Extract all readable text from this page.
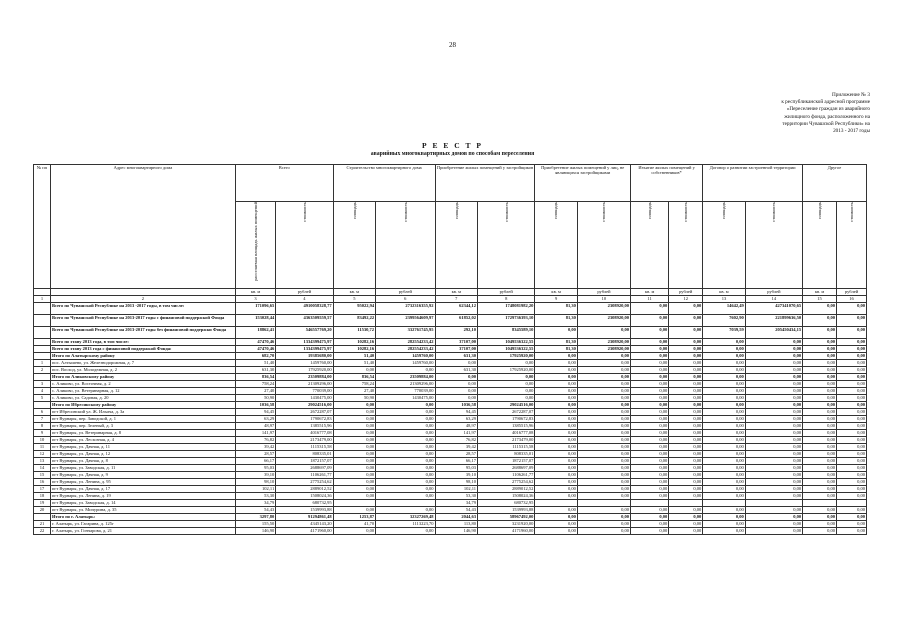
28
Приложение № 3
к республиканской адресной программе
«Переселение граждан из аварийного
жилищного фонда, расположенного на
территории Чувашской Республики» на
2013 - 2017 годы
Р Е Е С Т Р
аварийных многоквартирных домов по способам переселения
№ пп	Адрес многоквартирного дома	Всего		Строительство многоквартирного дома		Приобретение жилых помещений у застройщиков		Приобретение жилых помещений у лиц, не являющихся застройщиками		Изъятие жилых помещений у собственников*		Договор о развитии застроенной территории		Другое	
		расселяемая площадь жилых помещений	стоимость	площадь	стоимость	площадь	стоимость	площадь	стоимость	площадь	стоимость	площадь	стоимость	площадь	стоимость
		кв. м	рублей	кв. м	рублей	кв. м	рублей	кв. м	рублей	кв. м	рублей	кв. м	рублей	кв. м	рублей
1	2	3	4	5	6	7	8	9	10	11	12	13	14	15	16
	Всего по Чувашской Республике на 2013 -2017 годы, в том числе:	171096,65	4910058328,77	95022,94	2732316355,92	62344,12	1748081982,20	81,30	2308920,00	0,00	0,00	14642,49	427341070,65	0,00	0,00
	Всего по Чувашской Республике на 2013-2017 годы с финансовой поддержкой Фонда	153028,44	4363509559,57	83492,22	2399564609,97	61852,02	1729736393,10	81,30	2308920,00	0,00	0,00	7602,90	221899636,50	0,00	0,00
	Всего по Чувашской Республике на 2013-2017 годы без финансовой поддержки Фонда	18862,41	546557769,20	11530,72	332761745,95	292,10	8345589,10	0,00	0,00	0,00	0,00	7039,59	205450434,15	0,00	0,00
	Всего по этапу 2013 года, в том числе:	47470,46	1334399475,97	10282,16	282554233,42	37107,00	1049536322,55	81,30	2308920,00	0,00	0,00	0,00	0,00	0,00	0,00
	Всего по этапу 2013 года с финансовой поддержкой Фонда:	47470,46	1334399475,97	10282,16	282554233,42	37107,00	1049536322,55	81,30	2308920,00	0,00	0,00	0,00	0,00	0,00	0,00
	Итого по Алатырскому району	682,70	19385680,00	51,40	1459760,00	631,30	17925920,00	0,00	0,00	0,00	0,00	0,00	0,00	0,00	0,00
1	пос. Алтышево, ул. Железнодорожная, д. 7	51,40	1459760,00	51,40	1459760,00	0,00	0,00	0,00	0,00	0,00	0,00	0,00	0,00	0,00	0,00
2	пос. Восход, ул. Молодежная, д. 2	631,30	17925920,00	0,00	0,00	631,30	17925920,00	0,00	0,00	0,00	0,00	0,00	0,00	0,00	0,00
	Итого по Аликовскому району	836,54	23509884,00	836,54	23509884,00	0,00	0,00	0,00	0,00	0,00	0,00	0,00	0,00	0,00	0,00
3	с. Аликово, ул. Восточная, д. 2	758,24	21309296,00	758,24	21309296,00	0,00	0,00	0,00	0,00	0,00	0,00	0,00	0,00	0,00	0,00
4	с. Аликово, ул. Ветеринарная, д. 12	27,40	770039,00	27,40	770039,00	0,00	0,00	0,00	0,00	0,00	0,00	0,00	0,00	0,00	0,00
5	с. Аликово, ул. Садовая, д. 20	50,90	1430475,00	50,90	1430475,00	0,00	0,00	0,00	0,00	0,00	0,00	0,00	0,00	0,00	0,00
	Итого по Ибресинскому району	1036,58	29024516,00	0,00	0,00	1036,58	29024516,00	0,00	0,00	0,00	0,00	0,00	0,00	0,00	0,00
6	пгт Ибресинский ул. Ж. Ильича, д. 3а	94,45	2672287,07	0,00	0,00	94,45	2672287,07	0,00	0,00	0,00	0,00	0,00	0,00	0,00	0,00
7	пгт Вурнары, пер. Заводской, д. 1	63,29	1790672,83	0,00	0,00	63,29	1790672,83	0,00	0,00	0,00	0,00	0,00	0,00	0,00	0,00
8	пгт Вурнары, пер. Зеленый, д. 3	48,97	1385515,96	0,00	0,00	48,97	1385515,96	0,00	0,00	0,00	0,00	0,00	0,00	0,00	0,00
9	пгт Вурнары, ул. Ветеринарная, д. 8	141,97	4016777,08	0,00	0,00	141,97	4016777,08	0,00	0,00	0,00	0,00	0,00	0,00	0,00	0,00
10	пгт Вурнары, ул. Лесхозная, д. 4	76,82	2173479,00	0,00	0,00	76,82	2173479,00	0,00	0,00	0,00	0,00	0,00	0,00	0,00	0,00
11	пгт Вурнары, ул. Дачная, д. 11	39,42	1115315,58	0,00	0,00	39,42	1115315,58	0,00	0,00	0,00	0,00	0,00	0,00	0,00	0,00
12	пгт Вурнары, ул. Дачная, д. 12	28,57	808335,01	0,00	0,00	28,57	808335,01	0,00	0,00	0,00	0,00	0,00	0,00	0,00	0,00
13	пгт Вурнары, ул. Дачная, д. 8	66,17	1872157,07	0,00	0,00	66,17	1872157,07	0,00	0,00	0,00	0,00	0,00	0,00	0,00	0,00
14	пгт Вурнары, ул. Заводская, д. 11	95,03	2688697,09	0,00	0,00	95,03	2688697,09	0,00	0,00	0,00	0,00	0,00	0,00	0,00	0,00
15	пгт Вурнары, ул. Дачная, д. 9	39,10	1106261,77	0,00	0,00	39,10	1106261,77	0,00	0,00	0,00	0,00	0,00	0,00	0,00	0,00
16	пгт Вурнары, ул. Ленина, д. 95	98,10	2775254,62	0,00	0,00	98,10	2775254,62	0,00	0,00	0,00	0,00	0,00	0,00	0,00	0,00
17	пгт Вурнары, ул. Дачная, д. 17	102,11	2889012,52	0,00	0,00	102,11	2889012,52	0,00	0,00	0,00	0,00	0,00	0,00	0,00	0,00
18	пгт Вурнары, ул. Ленина, д. 19	53,30	1508024,36	0,00	0,00	53,30	1508024,36	0,00	0,00	0,00	0,00	0,00	0,00	0,00	0,00
19	пгт Вурнары, ул. Заводская, д. 14	34,79	680732,95			34,79	680732,95								
20	пгт Вурнары, ул. Мичурина, д. 35	54,43	1539993,88	0,00	0,00	54,43	1539993,88	0,00	0,00	0,00	0,00	0,00	0,00	0,00	0,00
	Итого по г. Алатырь:	3297,80	91294861,48	1253,87	32327269,48	2044,63	58967492,00	0,00	0,00	0,00	0,00	0,00	0,00	0,00	0,00
21	г. Алатырь, ул. Гагарина, д. 125г	155,50	4345143,20	41,70	1113223,70	113,80	3231920,00	0,00	0,00	0,00	0,00	0,00	0,00	0,00	0,00
22	г. Алатырь, ул. Гончарова, д. 21	146,90	4171960,00	0,00	0,00	146,90	4171960,00	0,00	0,00	0,00	0,00	0,00	0,00	0,00	0,00
